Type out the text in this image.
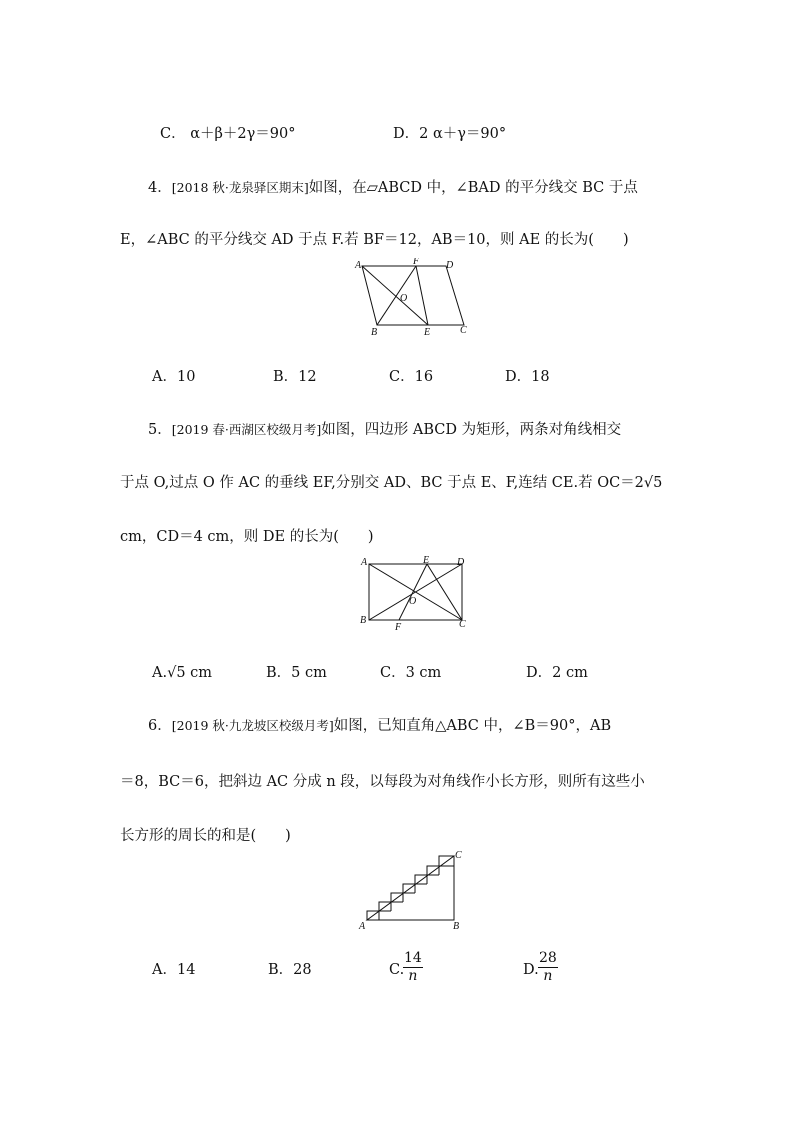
C． α＋β＋2γ＝90°	D．2 α＋γ＝90°
4．[2018 秋·龙泉驿区期末]如图，在▱ABCD 中，∠BAD 的平分线交 BC 于点
E，∠ABC 的平分线交 AD 于点 F.若 BF＝12，AB＝10，则 AE 的长为(　　)
A	F	D
O
B	E	C
A．10	B．12	C．16	D．18
5．[2019 春·西湖区校级月考]如图，四边形 ABCD 为矩形，两条对角线相交
于点 O,过点 O 作 AC 的垂线 EF,分别交 AD、BC 于点 E、F,连结 CE.若 OC＝2√5
cm，CD＝4 cm，则 DE 的长为(　　)
A	E	D
O
B
F	C
A.√5 cm	B．5 cm	C．3 cm	D．2 cm
6．[2019 秋·九龙坡区校级月考]如图，已知直角△ABC 中，∠B＝90°，AB
＝8，BC＝6，把斜边 AC 分成 n 段，以每段为对角线作小长方形，则所有这些小
长方形的周长的和是(　　)
A	B
C
A．14	B．28	C.
$\frac{14}{n}$	D. $\frac{28}{n}$
